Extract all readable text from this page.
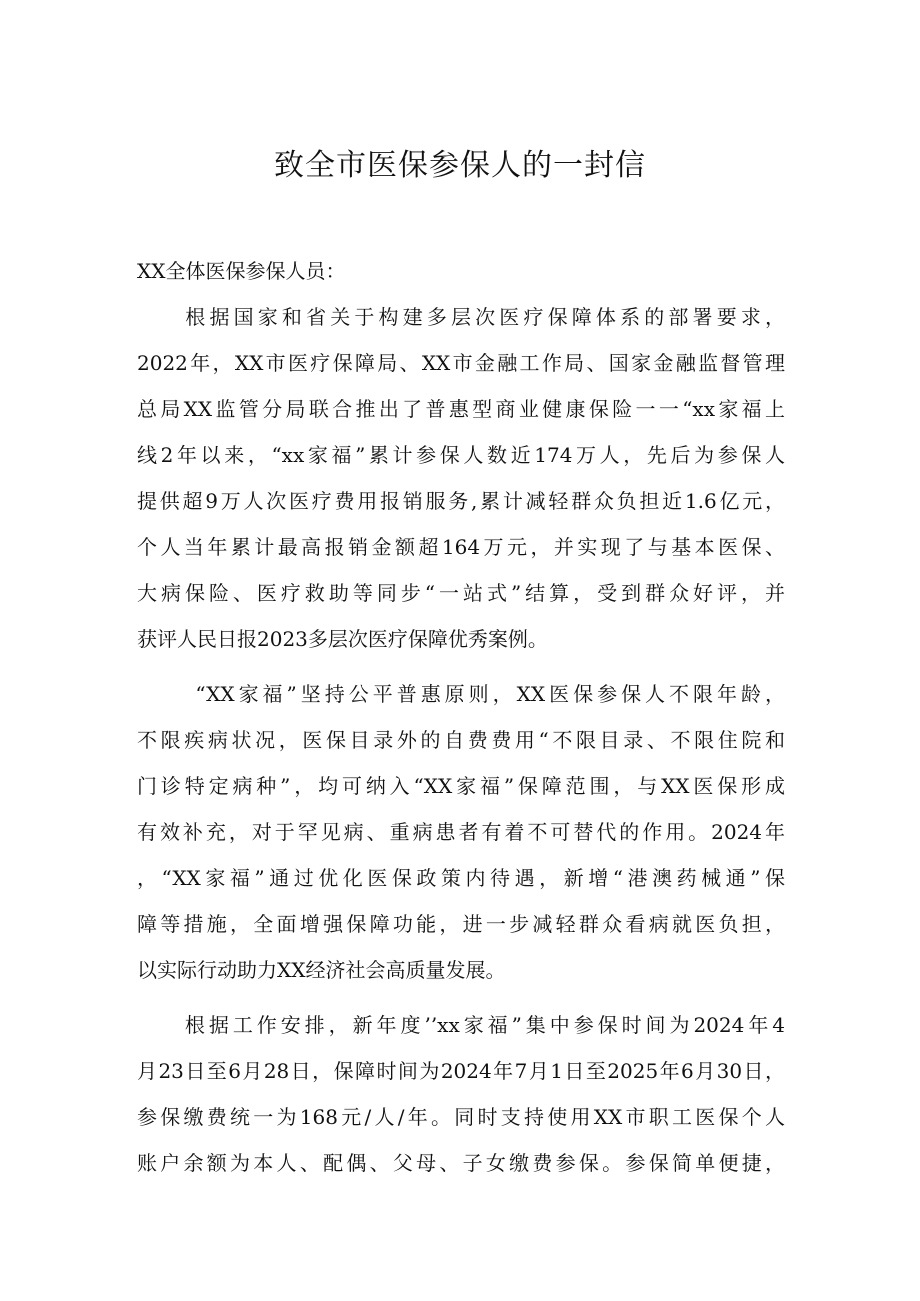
致全市医保参保人的一封信

XX全体医保参保人员：

　　根据国家和省关于构建多层次医疗保障体系的部署要求，
2022年，XX市医疗保障局、XX市金融工作局、国家金融监督管理
总局XX监管分局联合推出了普惠型商业健康保险一一“xx家福上
线2年以来，“xx家福”累计参保人数近174万人，先后为参保人
提供超9万人次医疗费用报销服务,累计减轻群众负担近1.6亿元，
个人当年累计最高报销金额超164万元，并实现了与基本医保、
大病保险、医疗救助等同步“一站式”结算，受到群众好评，并
获评人民日报2023多层次医疗保障优秀案例。

　　 “XX家福”坚持公平普惠原则，XX医保参保人不限年龄，
不限疾病状况，医保目录外的自费费用“不限目录、不限住院和
门诊特定病种”，均可纳入“XX家福”保障范围，与XX医保形成
有效补充，对于罕见病、重病患者有着不可替代的作用。2024年
，“XX家福”通过优化医保政策内待遇，新增“港澳药械通”保
障等措施，全面增强保障功能，进一步减轻群众看病就医负担，
以实际行动助力XX经济社会高质量发展。

　　根据工作安排，新年度’’xx家福”集中参保时间为2024年4
月23日至6月28日，保障时间为2024年7月1日至2025年6月30日，
参保缴费统一为168元/人/年。同时支持使用XX市职工医保个人
账户余额为本人、配偶、父母、子女缴费参保。参保简单便捷，
